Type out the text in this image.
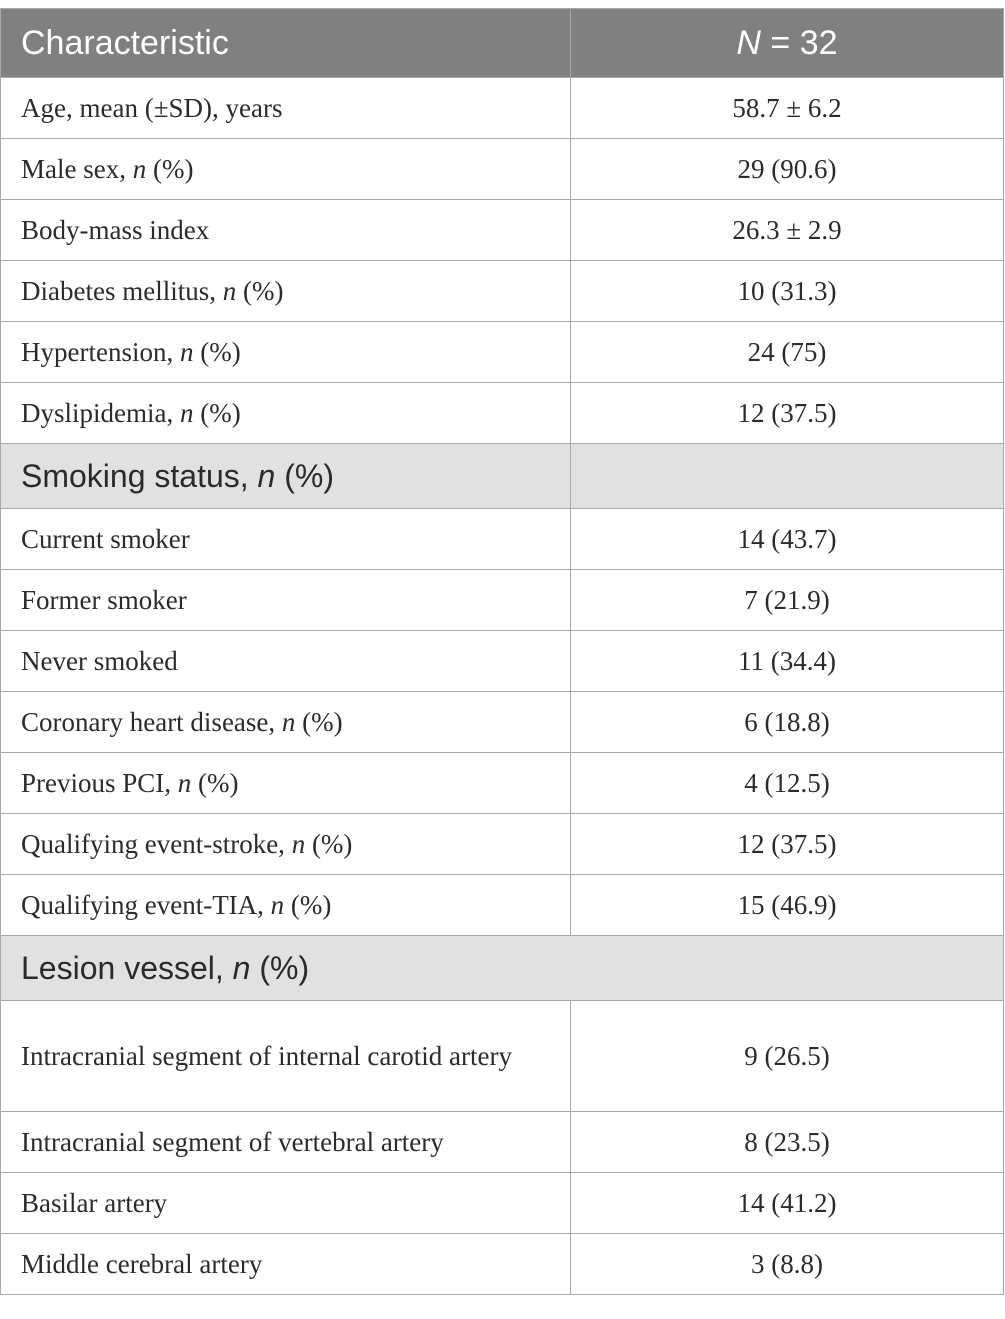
Characteristic	N = 32
Age, mean (±SD), years	58.7 ± 6.2
Male sex, n (%)	29 (90.6)
Body-mass index	26.3 ± 2.9
Diabetes mellitus, n (%)	10 (31.3)
Hypertension, n (%)	24 (75)
Dyslipidemia, n (%)	12 (37.5)
Smoking status, n (%)	
Current smoker	14 (43.7)
Former smoker	7 (21.9)
Never smoked	11 (34.4)
Coronary heart disease, n (%)	6 (18.8)
Previous PCI, n (%)	4 (12.5)
Qualifying event-stroke, n (%)	12 (37.5)
Qualifying event-TIA, n (%)	15 (46.9)
Lesion vessel, n (%)	
Intracranial segment of internal carotid artery	9 (26.5)
Intracranial segment of vertebral artery	8 (23.5)
Basilar artery	14 (41.2)
Middle cerebral artery	3 (8.8)
